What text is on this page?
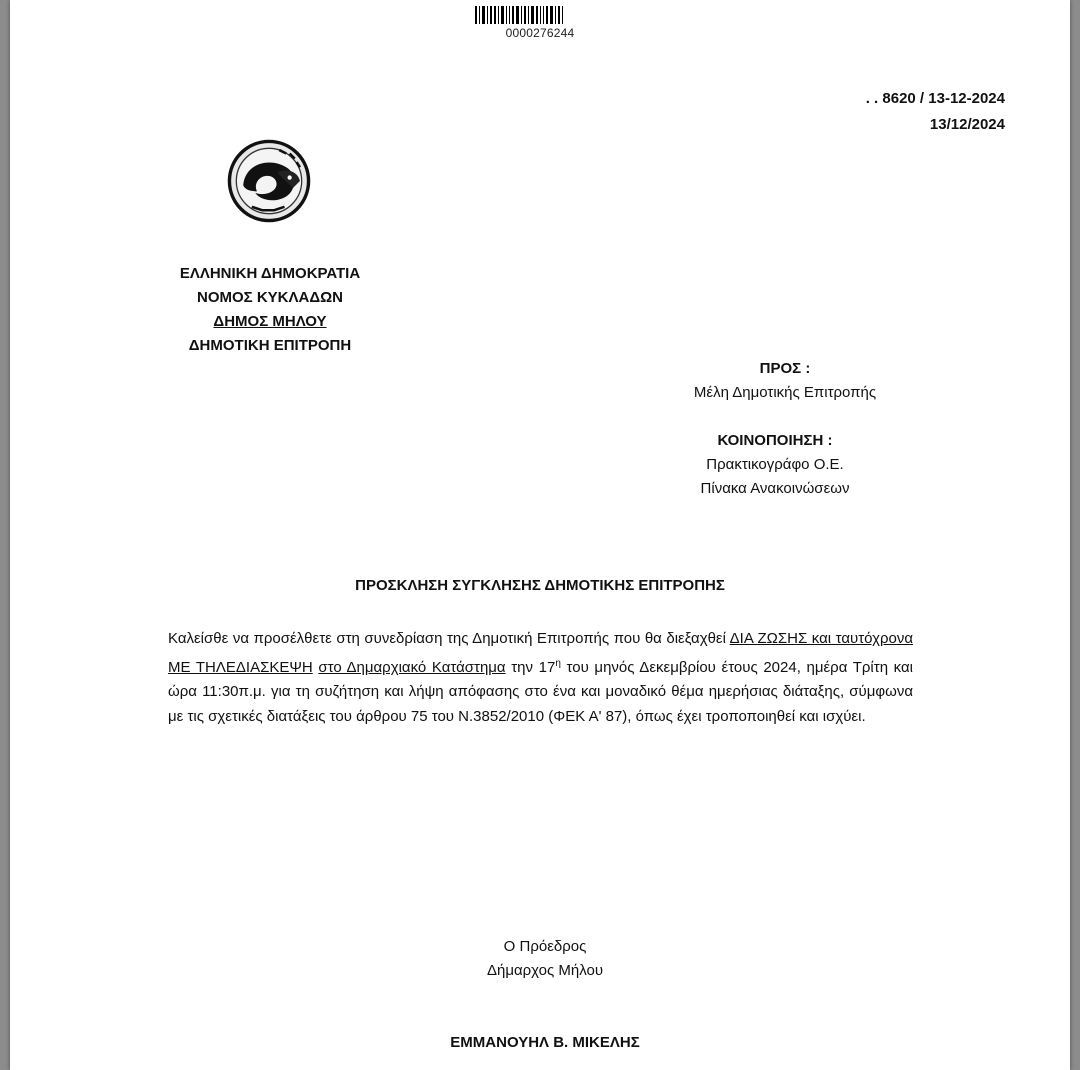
0000276244
. . 8620 / 13-12-2024
13/12/2024
ΕΛΛΗΝΙΚΗ ΔΗΜΟΚΡΑΤΙΑ
ΝΟΜΟΣ ΚΥΚΛΑΔΩΝ
ΔΗΜΟΣ ΜΗΛΟΥ
ΔΗΜΟΤΙΚΗ ΕΠΙΤΡΟΠΗ
ΠΡΟΣ :
Μέλη Δημοτικής Επιτροπής
ΚΟΙΝΟΠΟΙΗΣΗ :
Πρακτικογράφο Ο.Ε.
Πίνακα Ανακοινώσεων
ΠΡΟΣΚΛΗΣΗ ΣΥΓΚΛΗΣΗΣ ΔΗΜΟΤΙΚΗΣ ΕΠΙΤΡΟΠΗΣ
Καλείσθε να προσέλθετε στη συνεδρίαση της Δημοτική Επιτροπής που θα διεξαχθεί ΔΙΑ ΖΩΣΗΣ και ταυτόχρονα ΜΕ ΤΗΛΕΔΙΑΣΚΕΨΗ στο Δημαρχιακό Κατάστημα την $17^\eta$ του μηνός Δεκεμβρίου έτους 2024, ημέρα Τρίτη και ώρα 11:30π.μ. για τη συζήτηση και λήψη απόφασης στο ένα και μοναδικό θέμα ημερήσιας διάταξης, σύμφωνα με τις σχετικές διατάξεις του άρθρου 75 του Ν.3852/2010 (ΦΕΚ Α' 87), όπως έχει τροποποιηθεί και ισχύει.
Ο Πρόεδρος
Δήμαρχος Μήλου
ΕΜΜΑΝΟΥΗΛ Β. ΜΙΚΕΛΗΣ
